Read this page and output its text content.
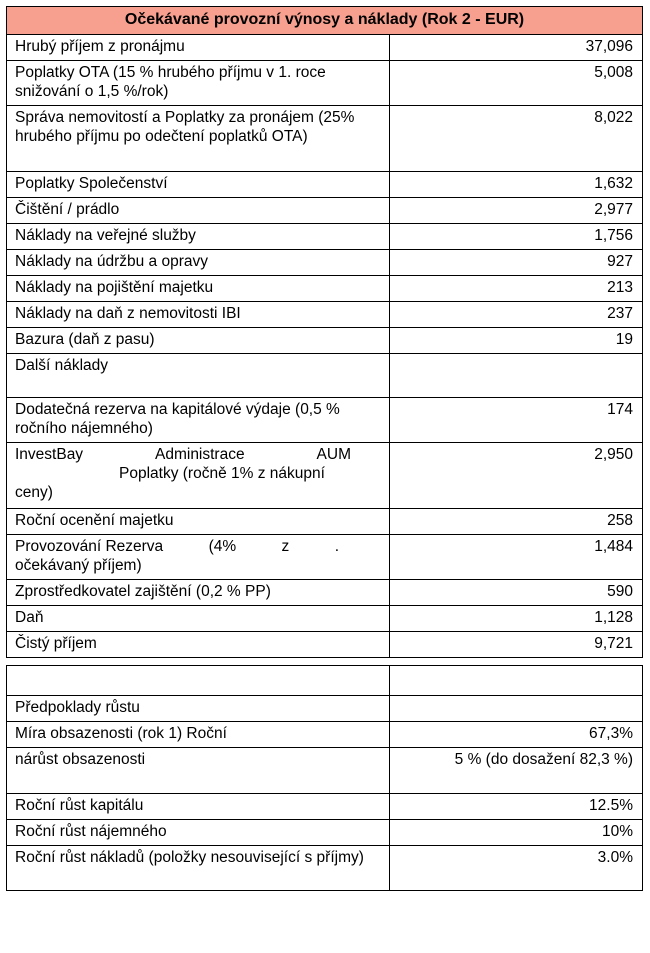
Očekávané provozní výnosy a náklady (Rok 2 - EUR)	
Hrubý příjem z pronájmu	37,096
Poplatky OTA (15 % hrubého příjmu v 1. roce snižování o 1,5 %/rok)	5,008
Správa nemovitostí a Poplatky za pronájem (25% hrubého příjmu po odečtení poplatků OTA)	8,022
Poplatky Společenství	1,632
Čištění / prádlo	2,977
Náklady na veřejné služby	1,756
Náklady na údržbu a opravy	927
Náklady na pojištění majetku	213
Náklady na daň z nemovitosti IBI	237
Bazura (daň z pasu)	19
Další náklady	
Dodatečná rezerva na kapitálové výdaje (0,5 % ročního nájemného)	174

InvestBay Administrace AUM
Poplatky (ročně 1% z nákupní
ceny)	2,950
Roční ocenění majetku	258

Provozování Rezerva (4% z .
očekávaný příjem)	1,484
Zprostředkovatel zajištění (0,2 % PP)	590
Daň	1,128
Čistý příjem	9,721

Předpoklady růstu	
Míra obsazenosti (rok 1) Roční	67,3%
nárůst obsazenosti	5 % (do dosažení 82,3 %)
Roční růst kapitálu	12.5%
Roční růst nájemného	10%
Roční růst nákladů (položky nesouvisející s příjmy)	3.0%
